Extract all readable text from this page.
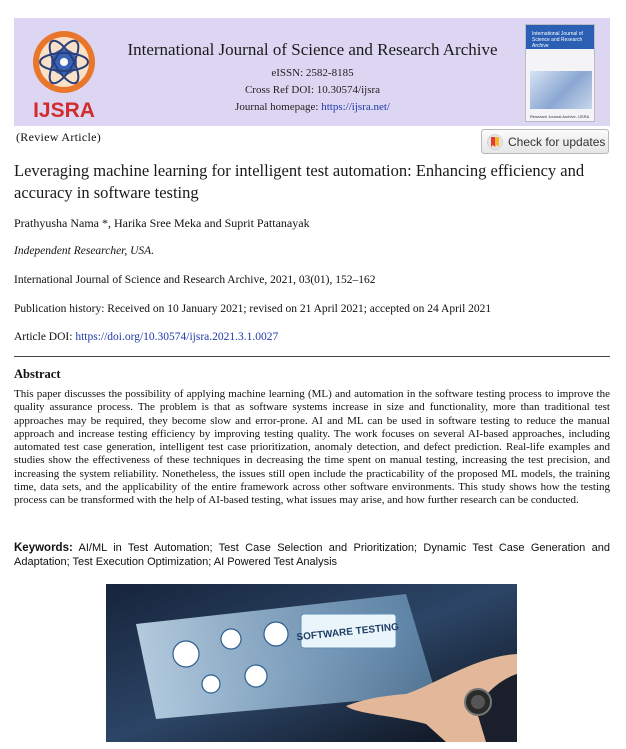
IJSRA
International Journal of Science and Research Archive
eISSN: 2582-8185
Cross Ref DOI: 10.30574/ijsra
Journal homepage: https://ijsra.net/
International Journal of Science and Research Archive
Research Journal Archive, IJSRA
(Review Article)	Check for updates
Leveraging machine learning for intelligent test automation: Enhancing efficiency and accuracy in software testing
Prathyusha Nama *, Harika Sree Meka and Suprit Pattanayak
Independent Researcher, USA.
International Journal of Science and Research Archive, 2021, 03(01), 152–162
Publication history: Received on 10 January 2021; revised on 21 April 2021; accepted on 24 April 2021
Article DOI: https://doi.org/10.30574/ijsra.2021.3.1.0027
Abstract
This paper discusses the possibility of applying machine learning (ML) and automation in the software testing process to improve the quality assurance process. The problem is that as software systems increase in size and functionality, more than traditional test approaches may be required, they become slow and error-prone. AI and ML can be used in software testing to reduce the manual approach and increase testing efficiency by improving testing quality. The work focuses on several AI-based approaches, including automated test case generation, intelligent test case prioritization, anomaly detection, and defect prediction. Real-life examples and studies show the effectiveness of these techniques in decreasing the time spent on manual testing, increasing the test precision, and increasing the system reliability. Nonetheless, the issues still open include the practicability of the proposed ML models, the training time, data sets, and the applicability of the entire framework across other software environments. This study shows how the testing process can be transformed with the help of AI-based testing, what issues may arise, and how further research can be conducted.
Keywords: AI/ML in Test Automation; Test Case Selection and Prioritization; Dynamic Test Case Generation and Adaptation; Test Execution Optimization; AI Powered Test Analysis
SOFTWARE TESTING
